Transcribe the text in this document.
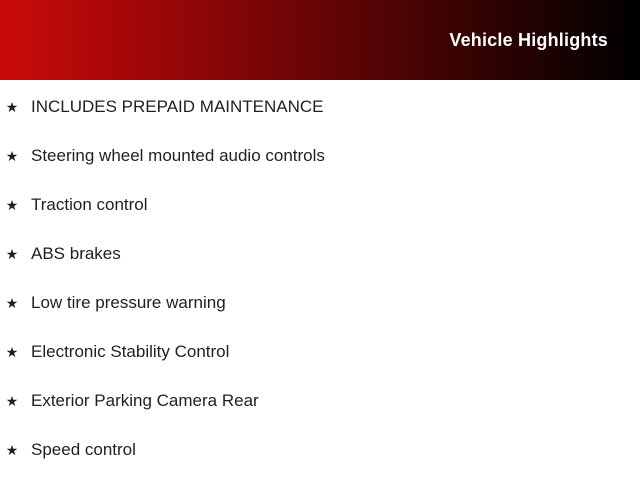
Vehicle Highlights
★ INCLUDES PREPAID MAINTENANCE
★ Steering wheel mounted audio controls
★ Traction control
★ ABS brakes
★ Low tire pressure warning
★ Electronic Stability Control
★ Exterior Parking Camera Rear
★ Speed control
